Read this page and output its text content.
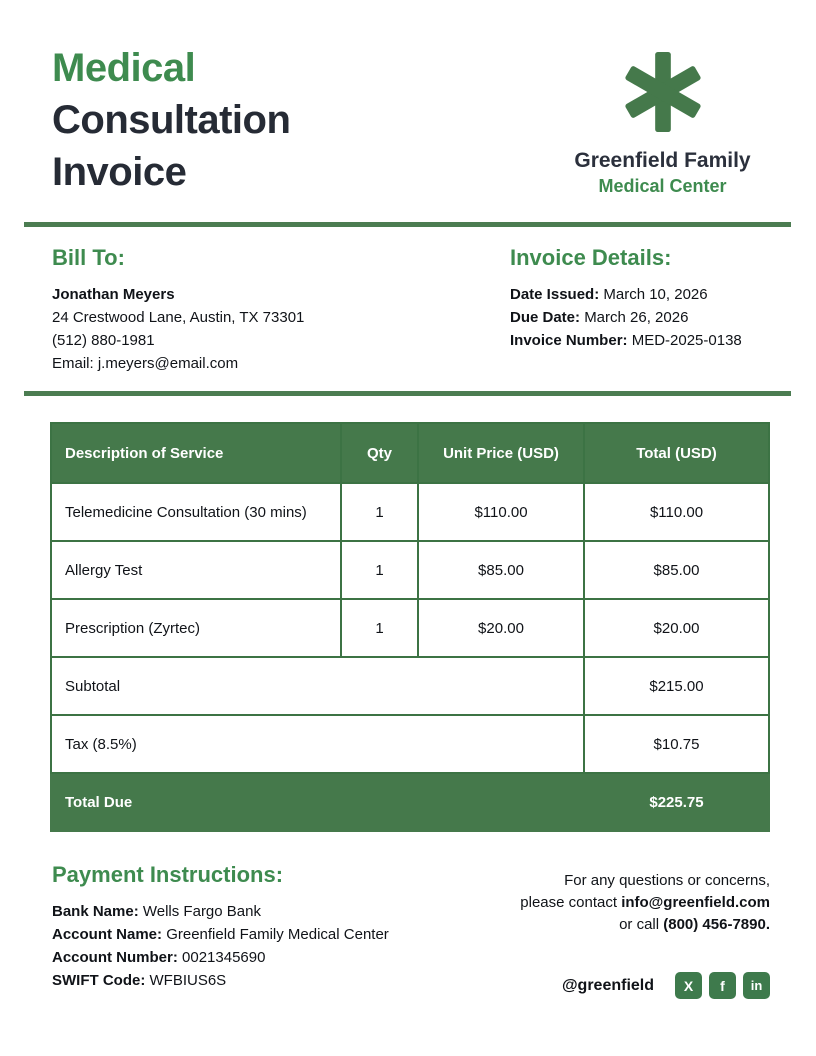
Medical
Consultation
Invoice	Greenfield Family
Medical Center
Bill To:
Jonathan Meyers
24 Crestwood Lane, Austin, TX 73301
(512) 880-1981
Email: j.meyers@email.com
Invoice Details:
Date Issued: March 10, 2026
Due Date: March 26, 2026
Invoice Number: MED-2025-0138
Description of Service	Qty	Unit Price (USD)	Total (USD)
Telemedicine Consultation (30 mins)	1	$110.00	$110.00
Allergy Test	1	$85.00	$85.00
Prescription (Zyrtec)	1	$20.00	$20.00
Subtotal			$215.00
Tax (8.5%)			$10.75
Total Due			$225.75
Payment Instructions:
Bank Name: Wells Fargo Bank
Account Name: Greenfield Family Medical Center
Account Number: 0021345690
SWIFT Code: WFBIUS6S
For any questions or concerns,
please contact info@greenfield.com
or call (800) 456-7890.
@greenfield	X	f	in
